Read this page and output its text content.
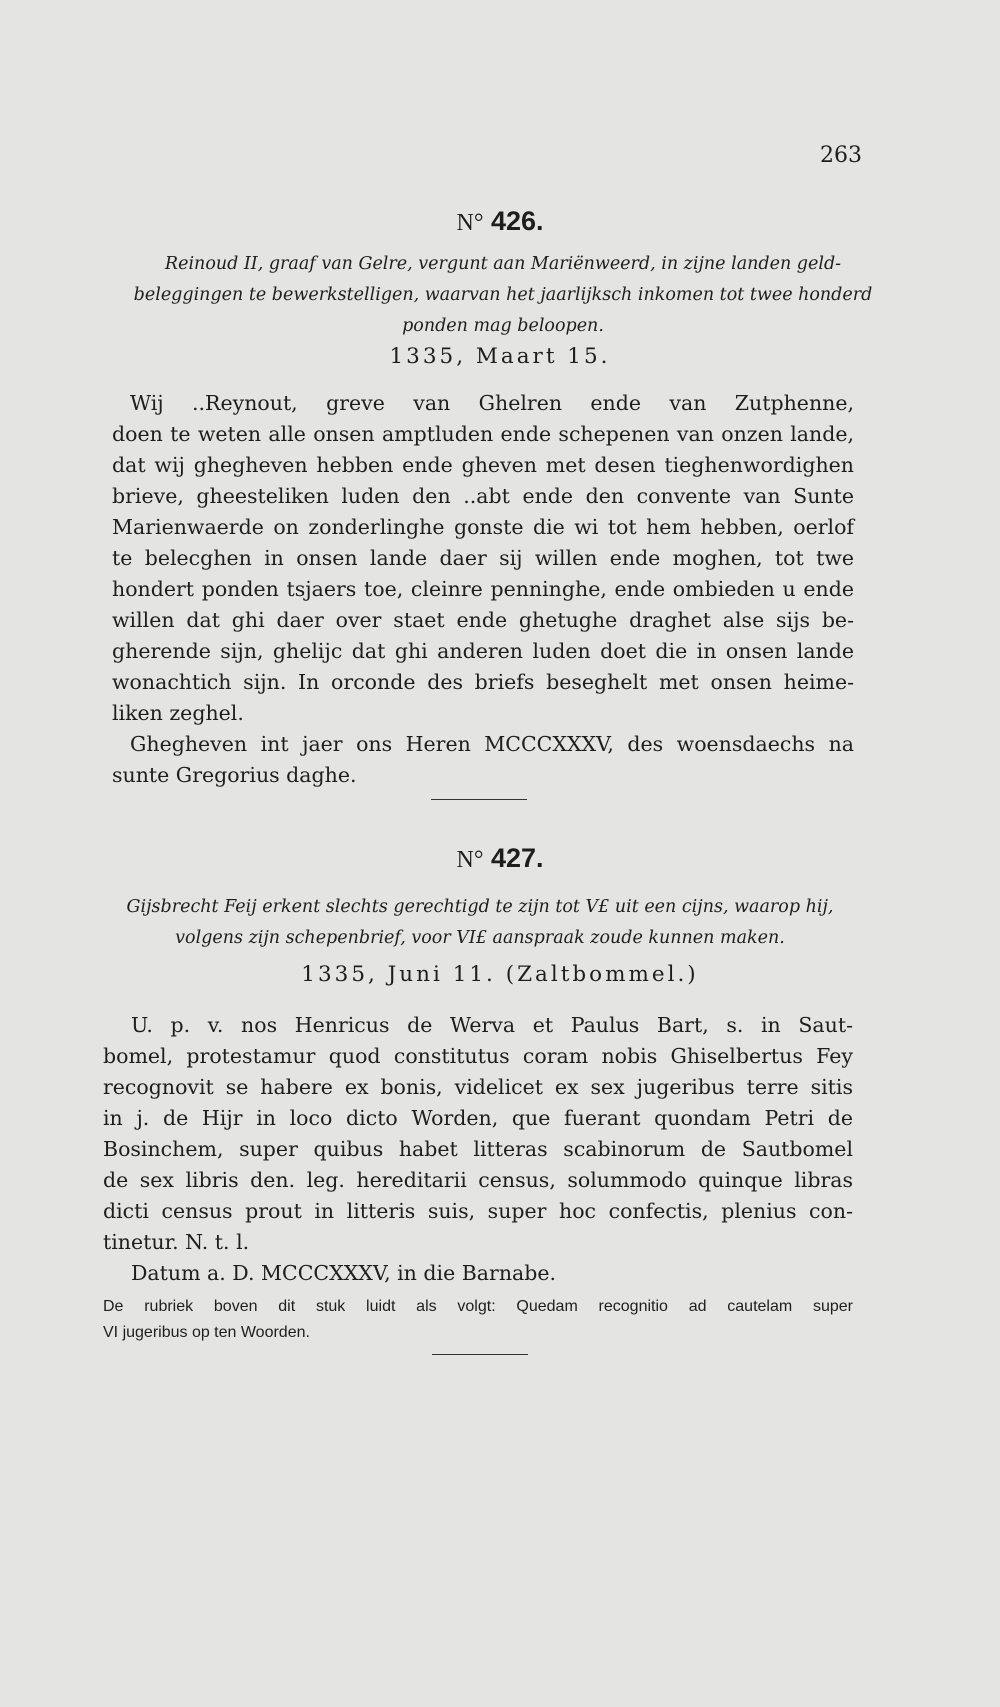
263
N° 426.
Reinoud II, graaf van Gelre, vergunt aan Mariënweerd, in zijne landen geld-
beleggingen te bewerkstelligen, waarvan het jaarlijksch inkomen tot twee honderd
ponden mag beloopen.
1335, Maart 15.
Wij ..Reynout, greve van Ghelren ende van Zutphenne,
doen te weten alle onsen amptluden ende schepenen van onzen lande,
dat wij ghegheven hebben ende gheven met desen tieghenwordighen
brieve, gheesteliken luden den ..abt ende den convente van Sunte
Marienwaerde on zonderlinghe gonste die wi tot hem hebben, oerlof
te belecghen in onsen lande daer sij willen ende moghen, tot twe
hondert ponden tsjaers toe, cleinre penninghe, ende ombieden u ende
willen dat ghi daer over staet ende ghetughe draghet alse sijs be-
gherende sijn, ghelijc dat ghi anderen luden doet die in onsen lande
wonachtich sijn. In orconde des briefs beseghelt met onsen heime-
liken zeghel.
Ghegheven int jaer ons Heren MCCCXXXV, des woensdaechs na
sunte Gregorius daghe.
N° 427.
Gijsbrecht Feij erkent slechts gerechtigd te zijn tot V£ uit een cijns, waarop hij,
volgens zijn schepenbrief, voor VI£ aanspraak zoude kunnen maken.
1335, Juni 11. (Zaltbommel.)
U. p. v. nos Henricus de Werva et Paulus Bart, s. in Saut-
bomel, protestamur quod constitutus coram nobis Ghiselbertus Fey
recognovit se habere ex bonis, videlicet ex sex jugeribus terre sitis
in j. de Hijr in loco dicto Worden, que fuerant quondam Petri de
Bosinchem, super quibus habet litteras scabinorum de Sautbomel
de sex libris den. leg. hereditarii census, solummodo quinque libras
dicti census prout in litteris suis, super hoc confectis, plenius con-
tinetur. N. t. l.
Datum a. D. MCCCXXXV, in die Barnabe.
De rubriek boven dit stuk luidt als volgt: Quedam recognitio ad cautelam super
VI jugeribus op ten Woorden.
